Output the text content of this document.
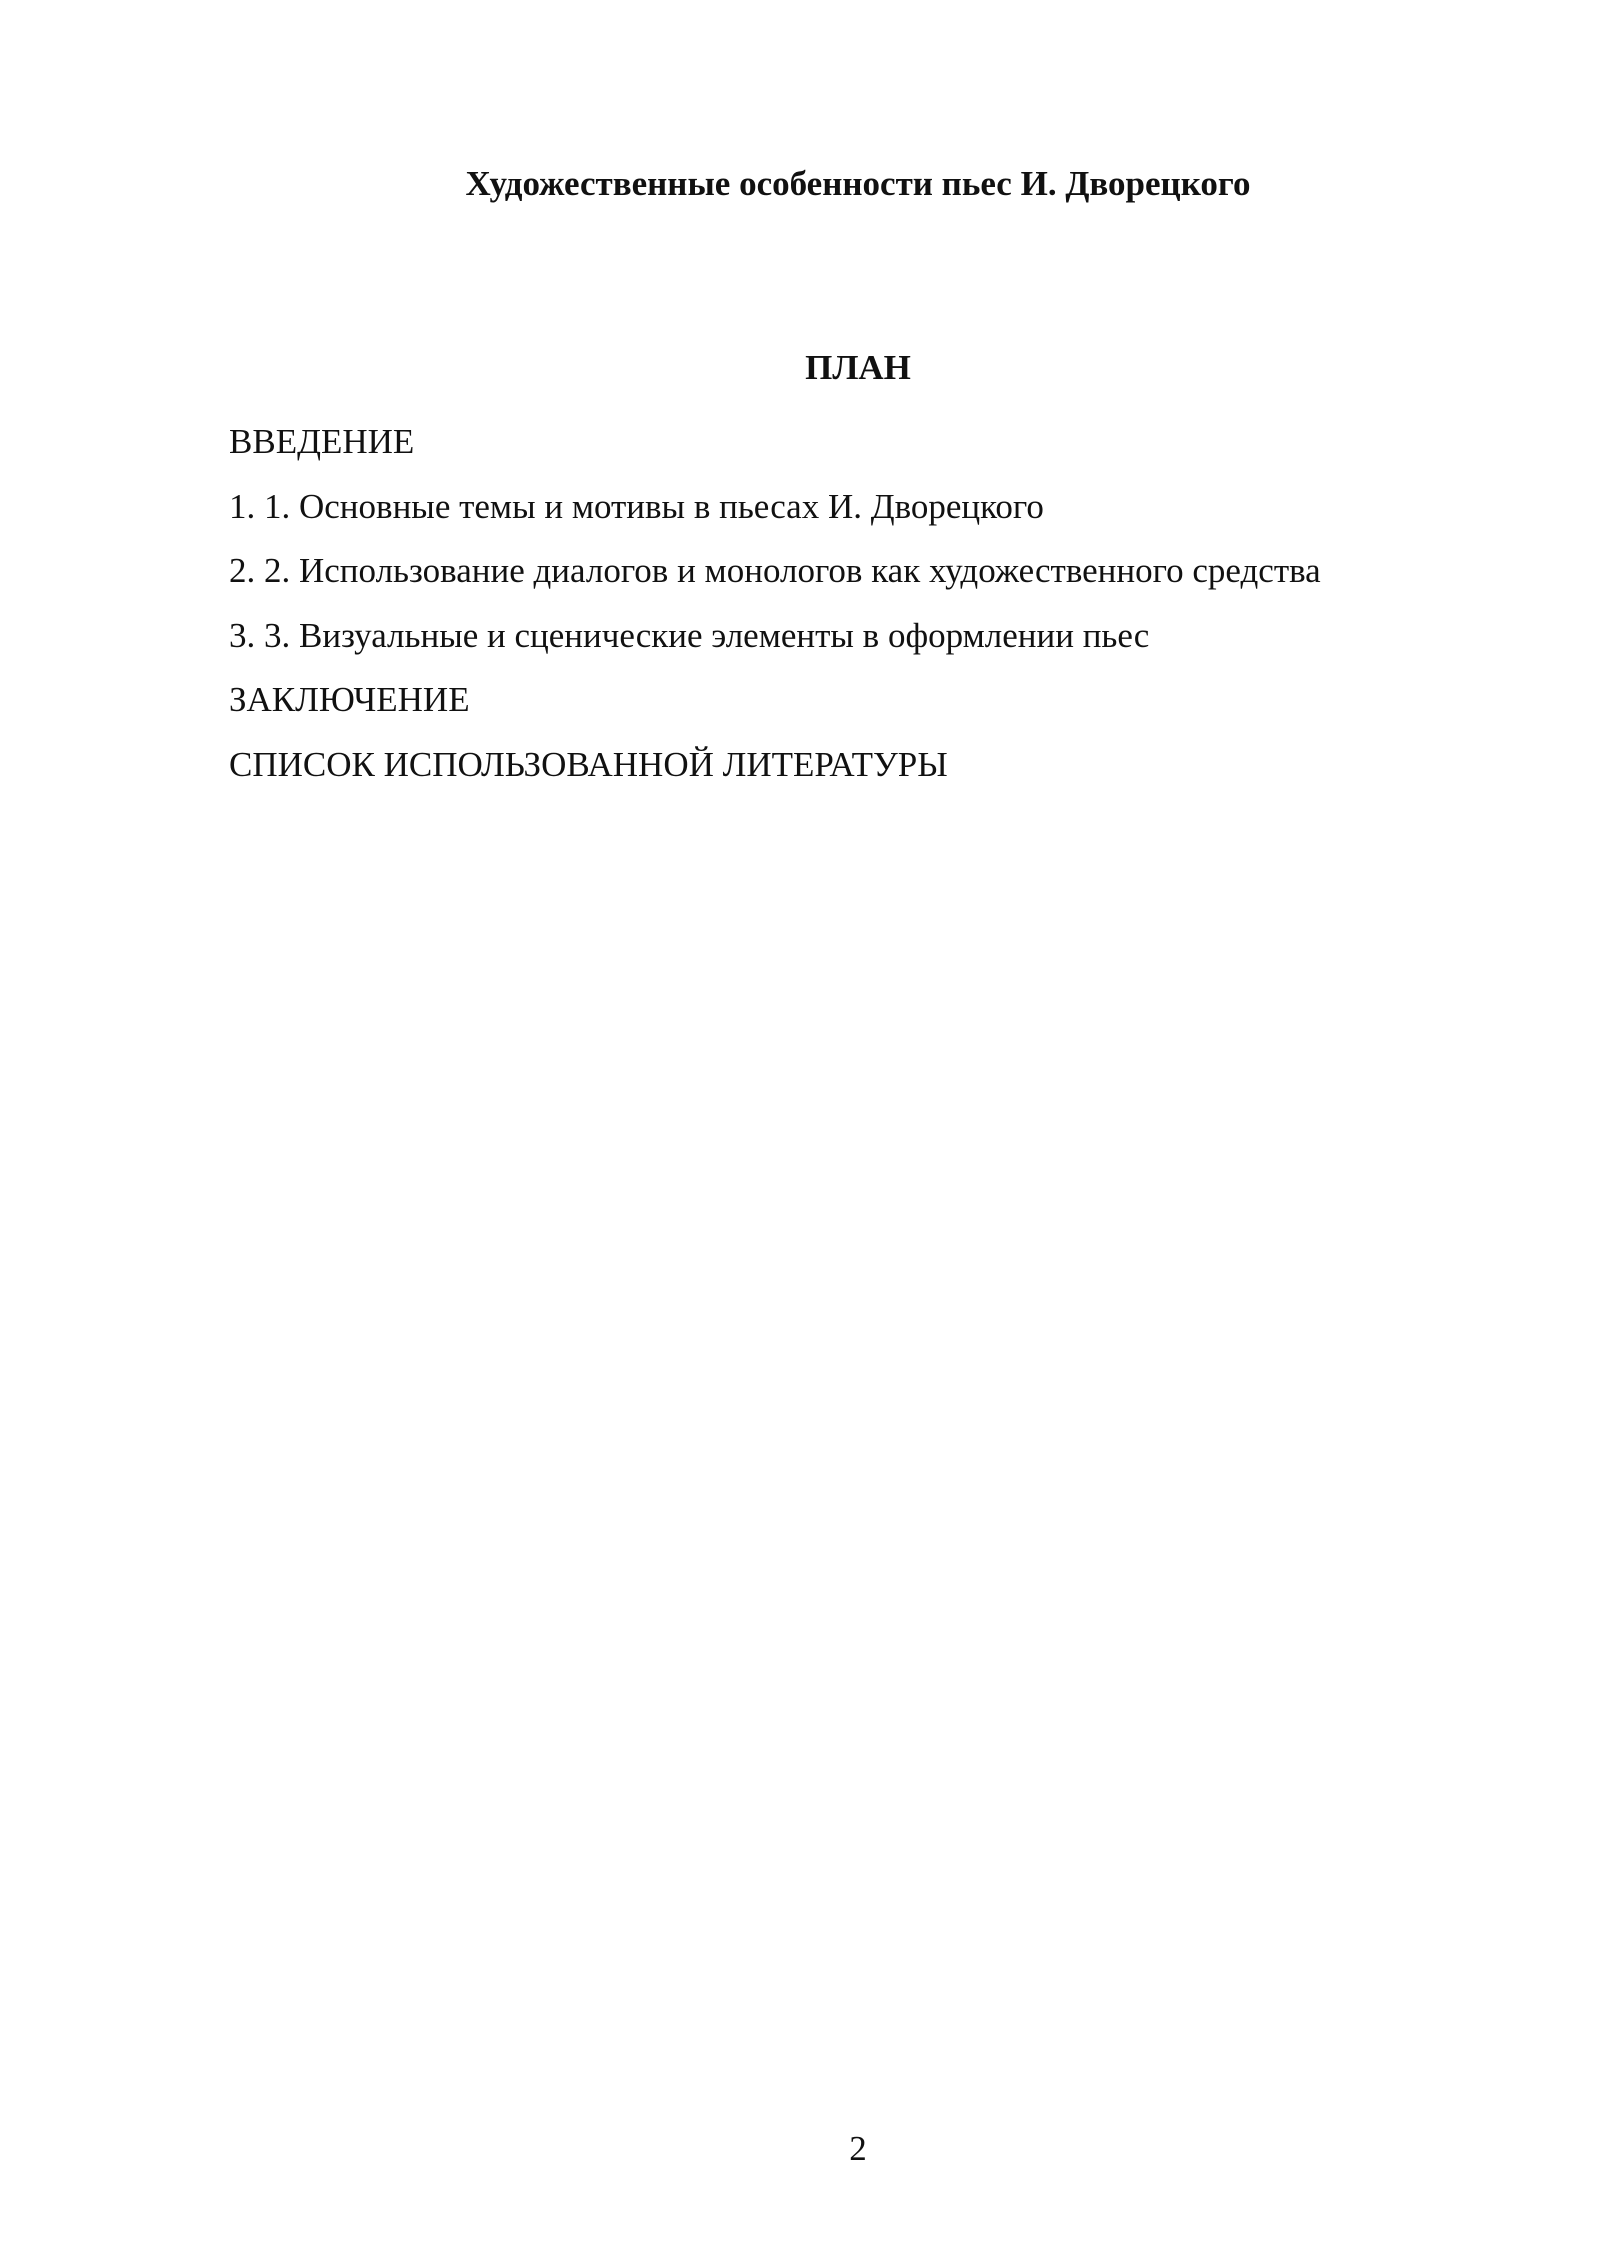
Художественные особенности пьес И. Дворецкого
ПЛАН
ВВЕДЕНИЕ
1. 1. Основные темы и мотивы в пьесах И. Дворецкого
2. 2. Использование диалогов и монологов как художественного средства
3. 3. Визуальные и сценические элементы в оформлении пьес
ЗАКЛЮЧЕНИЕ
СПИСОК ИСПОЛЬЗОВАННОЙ ЛИТЕРАТУРЫ
2
